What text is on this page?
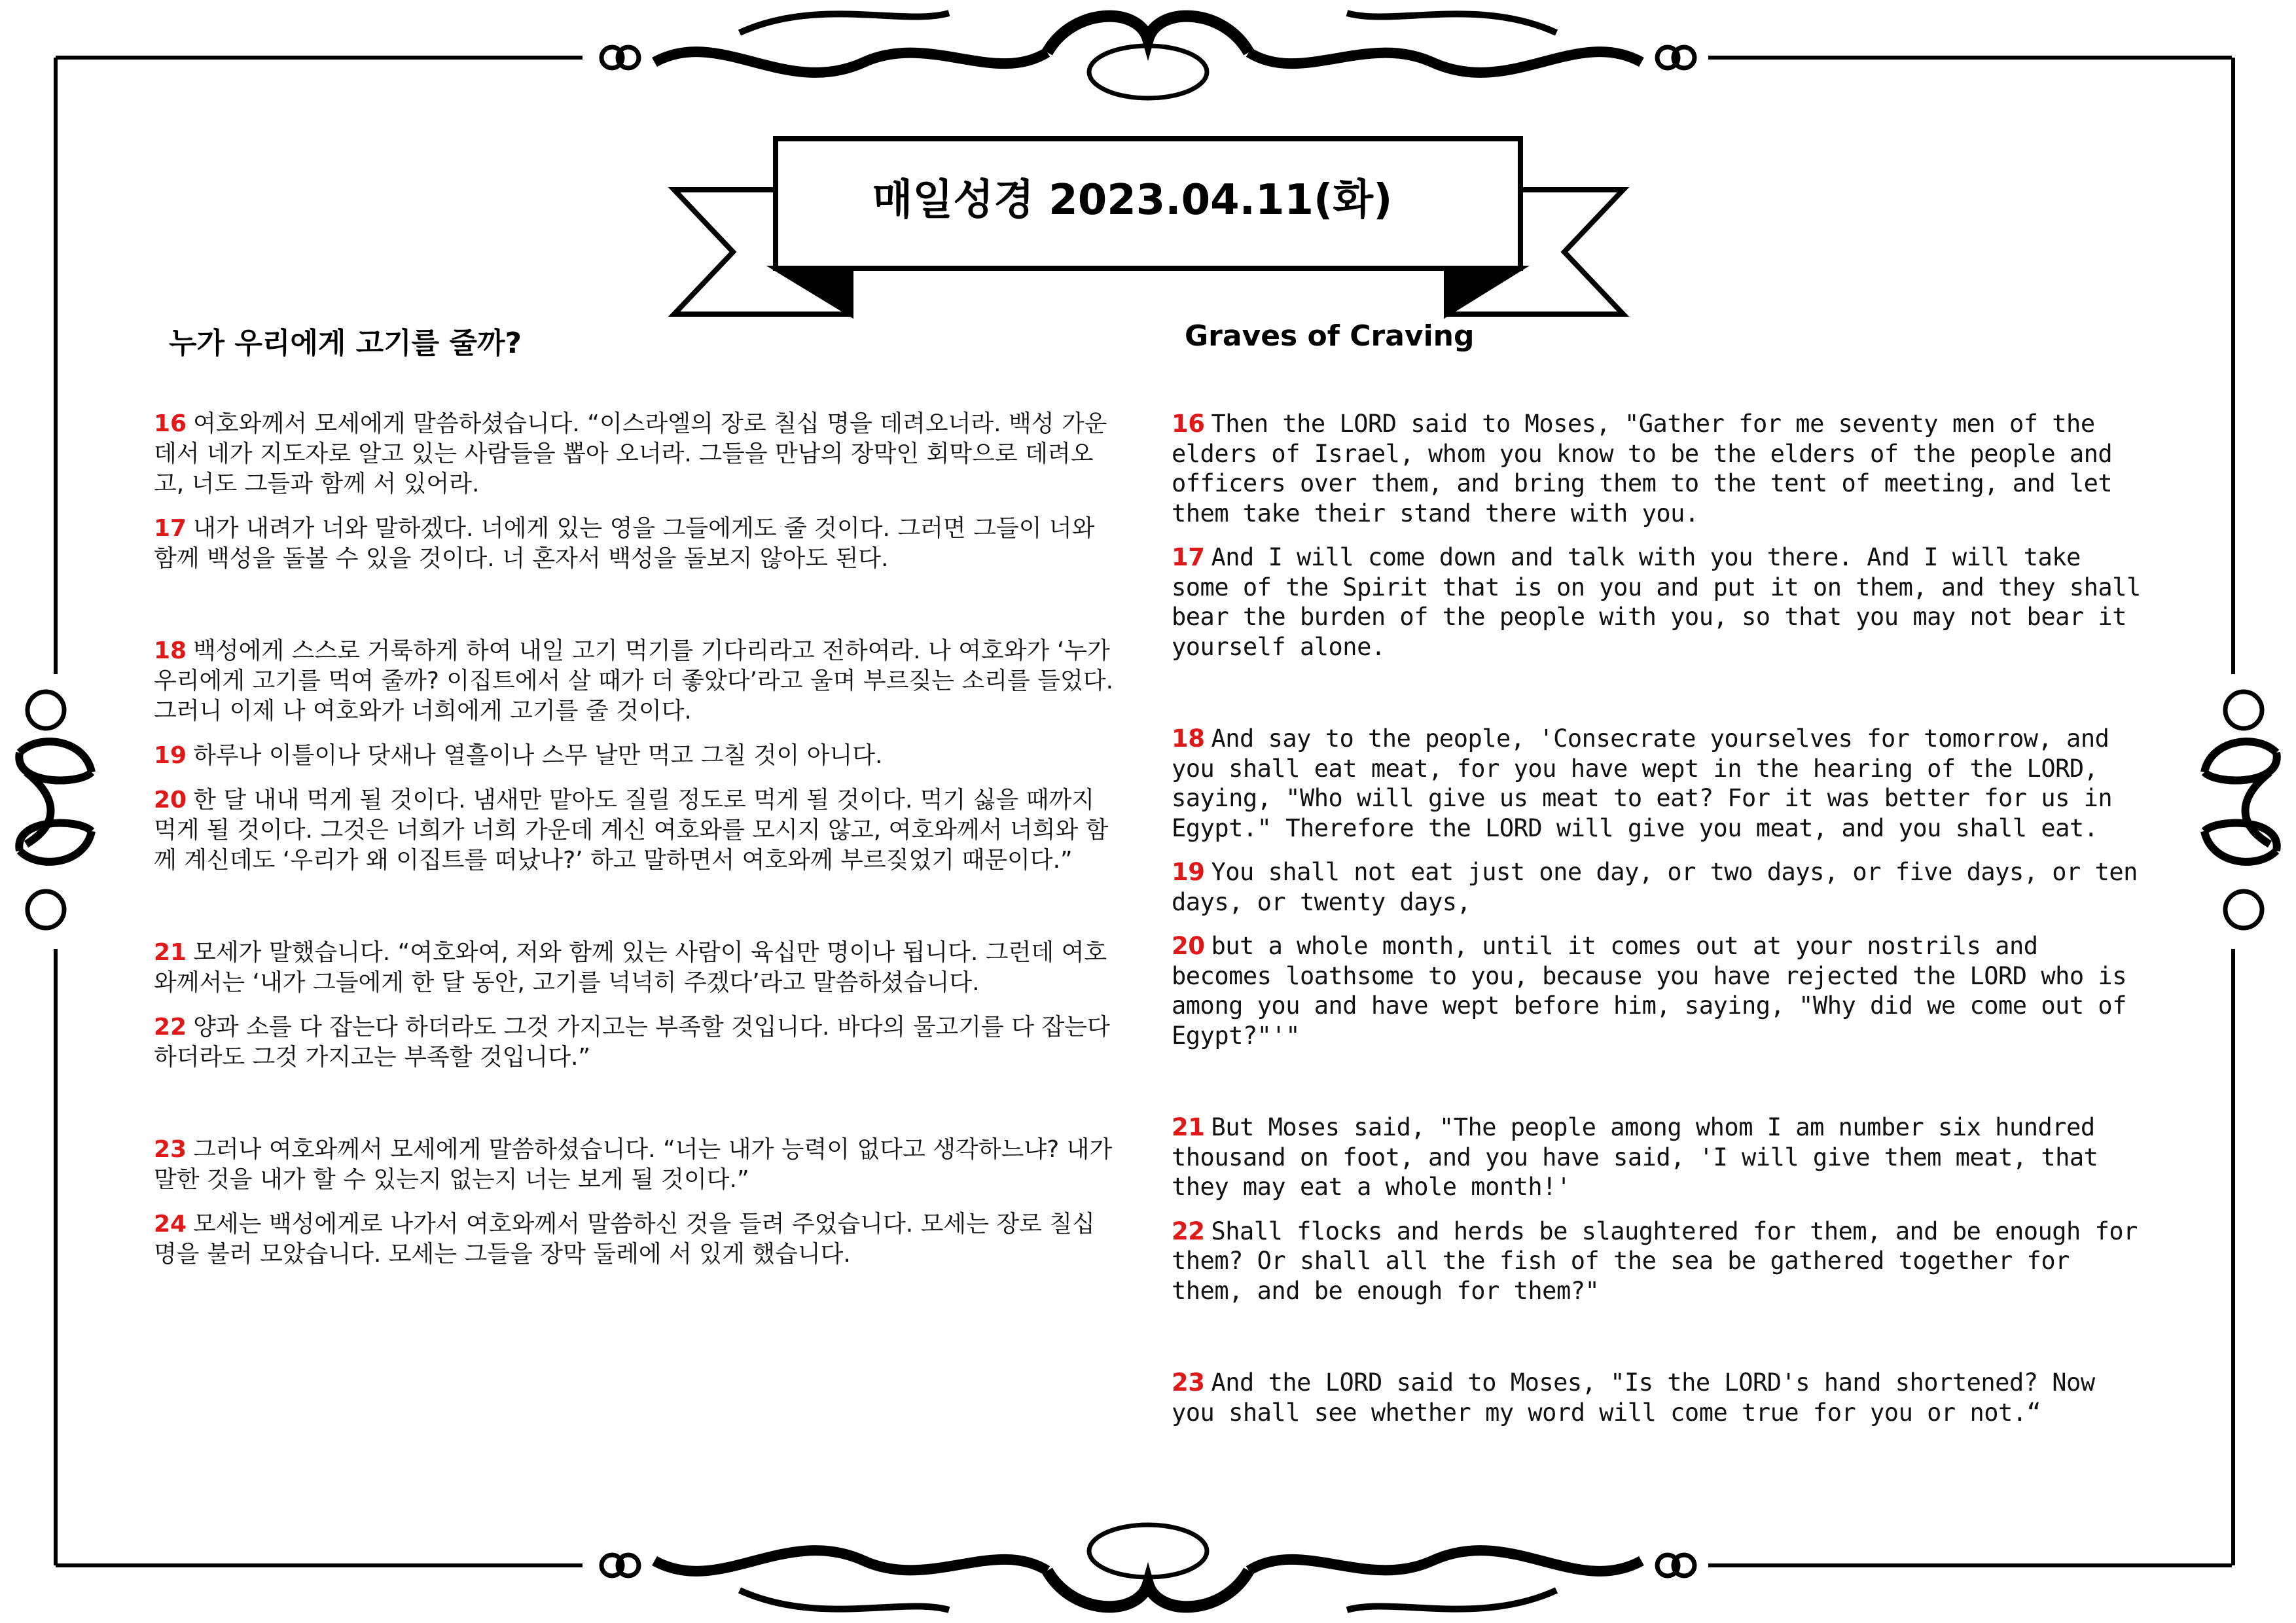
매일성경 2023.04.11(화)
누가 우리에게 고기를 줄까?	Graves of Craving

16 여호와께서 모세에게 말씀하셨습니다. “이스라엘의 장로 칠십 명을 데려오너라. 백성 가운데서 네가 지도자로 알고 있는 사람들을 뽑아 오너라. 그들을 만남의 장막인 회막으로 데려오고, 너도 그들과 함께 서 있어라.

17 내가 내려가 너와 말하겠다. 너에게 있는 영을 그들에게도 줄 것이다. 그러면 그들이 너와 함께 백성을 돌볼 수 있을 것이다. 너 혼자서 백성을 돌보지 않아도 된다.

18 백성에게 스스로 거룩하게 하여 내일 고기 먹기를 기다리라고 전하여라. 나 여호와가 ‘누가 우리에게 고기를 먹여 줄까? 이집트에서 살 때가 더 좋았다’라고 울며 부르짖는 소리를 들었다. 그러니 이제 나 여호와가 너희에게 고기를 줄 것이다.

19 하루나 이틀이나 닷새나 열흘이나 스무 날만 먹고 그칠 것이 아니다.

20 한 달 내내 먹게 될 것이다. 냄새만 맡아도 질릴 정도로 먹게 될 것이다. 먹기 싫을 때까지 먹게 될 것이다. 그것은 너희가 너희 가운데 계신 여호와를 모시지 않고, 여호와께서 너희와 함께 계신데도 ‘우리가 왜 이집트를 떠났나?’ 하고 말하면서 여호와께 부르짖었기 때문이다.”

21 모세가 말했습니다. “여호와여, 저와 함께 있는 사람이 육십만 명이나 됩니다. 그런데 여호와께서는 ‘내가 그들에게 한 달 동안, 고기를 넉넉히 주겠다’라고 말씀하셨습니다.

22 양과 소를 다 잡는다 하더라도 그것 가지고는 부족할 것입니다. 바다의 물고기를 다 잡는다 하더라도 그것 가지고는 부족할 것입니다.”

23 그러나 여호와께서 모세에게 말씀하셨습니다. “너는 내가 능력이 없다고 생각하느냐? 내가 말한 것을 내가 할 수 있는지 없는지 너는 보게 될 것이다.”

24 모세는 백성에게로 나가서 여호와께서 말씀하신 것을 들려 주었습니다. 모세는 장로 칠십 명을 불러 모았습니다. 모세는 그들을 장막 둘레에 서 있게 했습니다.

16 Then the LORD said to Moses, "Gather for me seventy men of the elders of Israel, whom you know to be the elders of the people and officers over them, and bring them to the tent of meeting, and let them take their stand there with you.

17 And I will come down and talk with you there. And I will take some of the Spirit that is on you and put it on them, and they shall bear the burden of the people with you, so that you may not bear it yourself alone.

18 And say to the people, 'Consecrate yourselves for tomorrow, and you shall eat meat, for you have wept in the hearing of the LORD, saying, "Who will give us meat to eat? For it was better for us in Egypt." Therefore the LORD will give you meat, and you shall eat.

19 You shall not eat just one day, or two days, or five days, or ten days, or twenty days,

20 but a whole month, until it comes out at your nostrils and becomes loathsome to you, because you have rejected the LORD who is among you and have wept before him, saying, "Why did we come out of Egypt?"'"

21 But Moses said, "The people among whom I am number six hundred thousand on foot, and you have said, 'I will give them meat, that they may eat a whole month!'

22 Shall flocks and herds be slaughtered for them, and be enough for them? Or shall all the fish of the sea be gathered together for them, and be enough for them?"

23 And the LORD said to Moses, "Is the LORD's hand shortened? Now you shall see whether my word will come true for you or not.“
